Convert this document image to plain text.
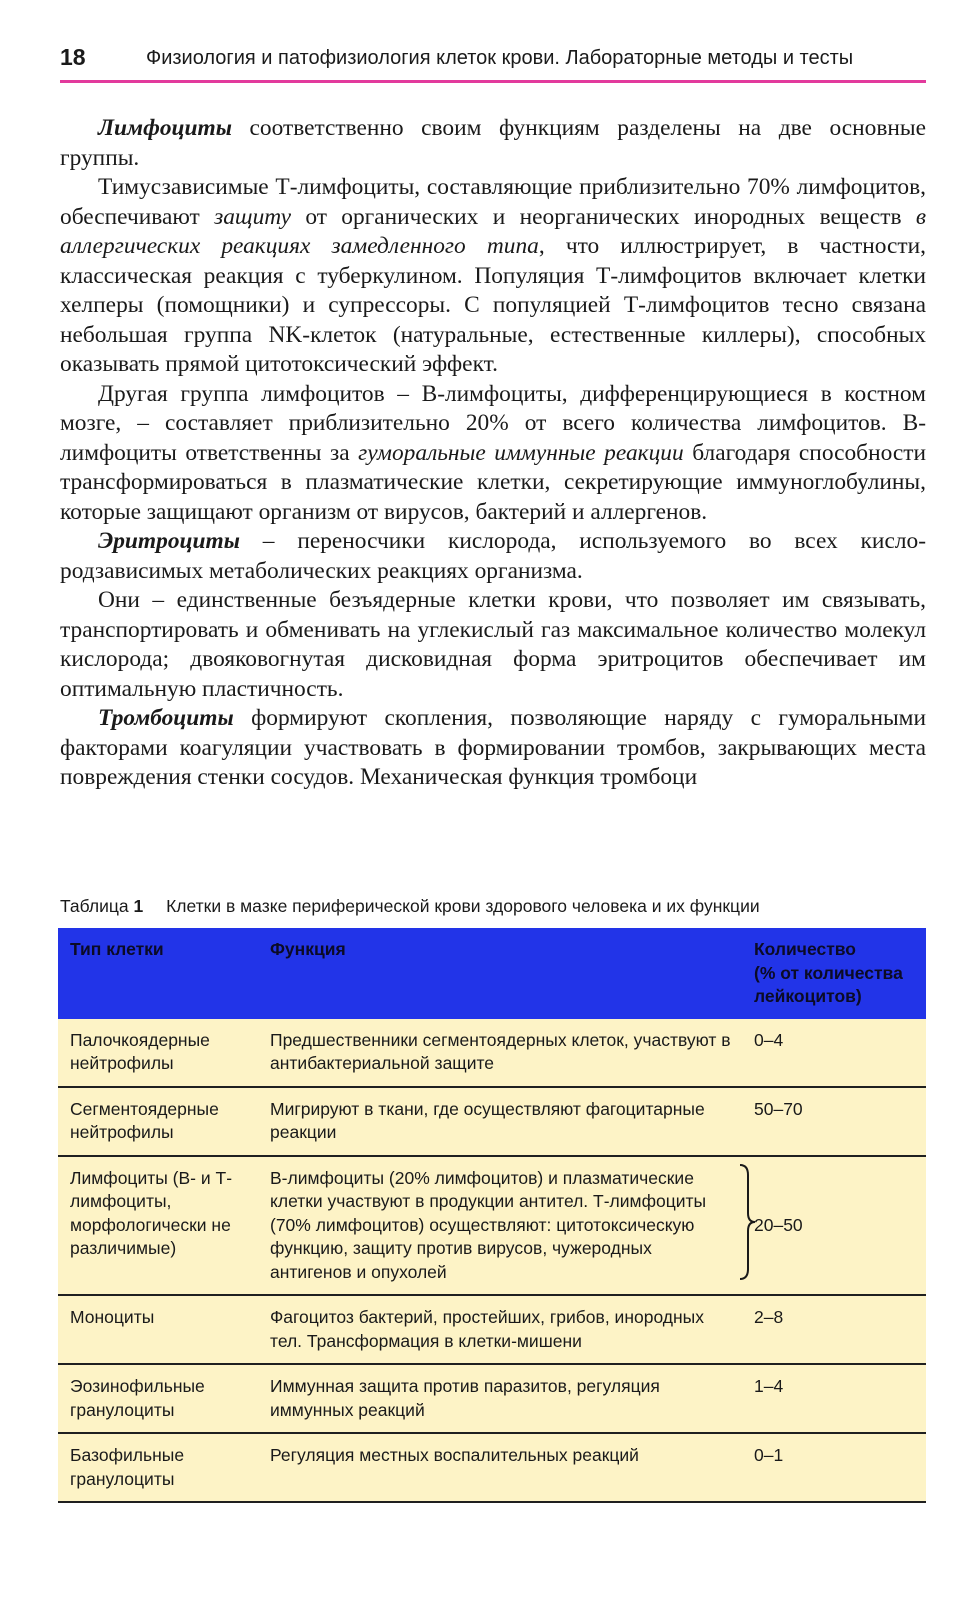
18	Физиология и патофизиология клеток крови. Лабораторные методы и тесты

Лимфоциты соответственно своим функциям разделены на две основные группы.

Тимусзависимые Т-лимфоциты, составляющие приблизительно 70% лимфоцитов, обеспечивают защиту от органических и неорганических инородных веществ в аллергических реакциях замедленного типа, что иллюстрирует, в частности, классическая реакция с туберкулином. Популяция Т-лимфоцитов включает клетки хелперы (помощники) и супрессоры. С популяцией Т-лимфоцитов тесно связана небольшая группа NK-клеток (натуральные, естественные киллеры), способных оказывать прямой цитотоксический эффект.

Другая группа лимфоцитов – В-лимфоциты, дифференцирующиеся в костном мозге, – составляет приблизительно 20% от всего количества лимфоцитов. В-лимфоциты ответственны за гуморальные иммунные реакции благодаря способности трансформироваться в плазматические клетки, секретирующие иммуноглобулины, которые защищают организм от вирусов, бактерий и аллергенов.

Эритроциты – переносчики кислорода, используемого во всех кислородзависимых метаболических реакциях организма.

Они – единственные безъядерные клетки крови, что позволяет им связывать, транспортировать и обменивать на углекислый газ максимальное количество молекул кислорода; двояковогнутая дисковидная форма эритроцитов обеспечивает им оптимальную пластичность.

Тромбоциты формируют скопления, позволяющие наряду с гуморальными факторами коагуляции участвовать в формировании тромбов, закрывающих места повреждения стенки сосудов. Механическая функция тромбоци

Таблица 1 Клетки в мазке периферической крови здорового человека и их функции
Тип клетки	Функция	Количество
(% от количества лейкоцитов)

Палочкоядерные нейтрофилы	Предшественники сегментоядерных клеток, участвуют в антибактериальной защите	0–4
Сегментоядерные нейтрофилы	Мигрируют в ткани, где осуществляют фагоцитарные реакции	50–70
Лимфоциты (В- и Т-лимфоциты, морфологически не различимые)	В-лимфоциты (20% лимфоцитов) и плазматические клетки участвуют в продукции антител. Т-лимфоциты (70% лимфоцитов) осуществляют: цитотоксическую функцию, защиту против вирусов, чужеродных антигенов и опухолей	20–50
Моноциты	Фагоцитоз бактерий, простейших, грибов, инородных тел. Трансформация в клетки-мишени	2–8
Эозинофильные гранулоциты	Иммунная защита против паразитов, регуляция иммунных реакций	1–4
Базофильные гранулоциты	Регуляция местных воспалительных реакций	0–1
